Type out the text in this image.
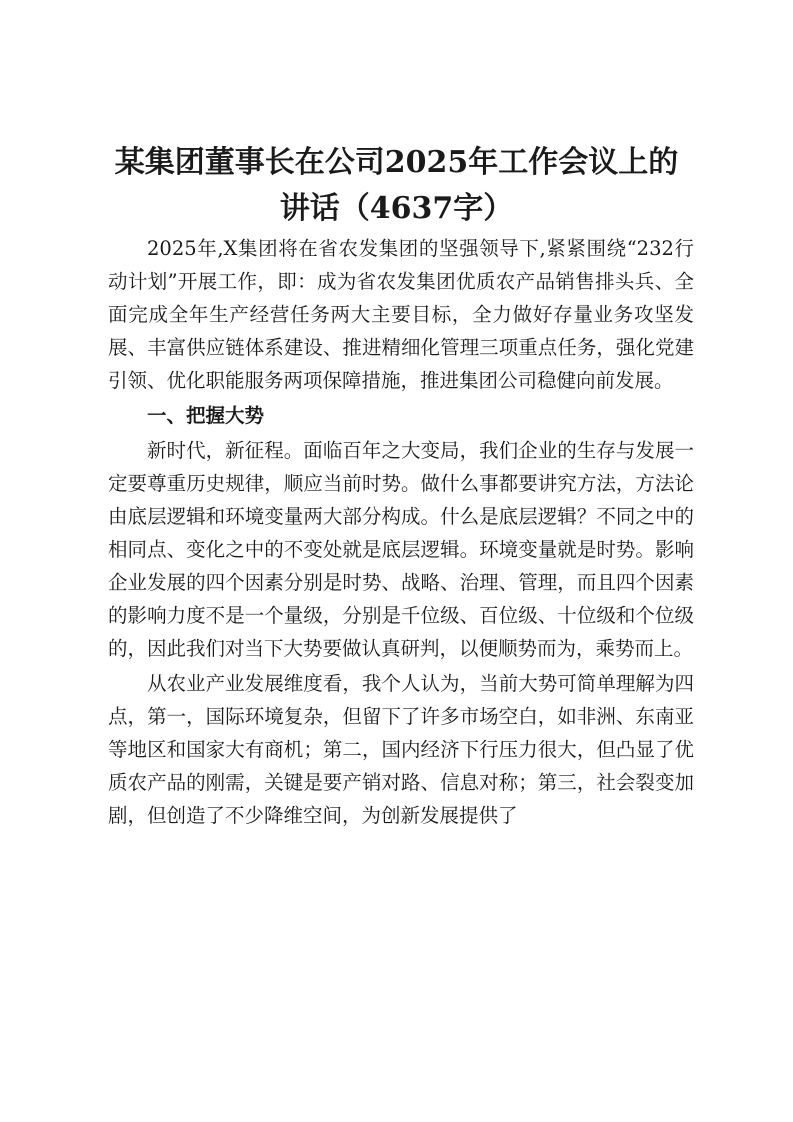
某集团董事长在公司2025年工作会议上的讲话（4637字）

2025年,X集团将在省农发集团的坚强领导下,紧紧围绕“232行动计划”开展工作，即：成为省农发集团优质农产品销售排头兵、全面完成全年生产经营任务两大主要目标，全力做好存量业务攻坚发展、丰富供应链体系建设、推进精细化管理三项重点任务，强化党建引领、优化职能服务两项保障措施，推进集团公司稳健向前发展。

一、把握大势

新时代，新征程。面临百年之大变局，我们企业的生存与发展一定要尊重历史规律，顺应当前时势。做什么事都要讲究方法，方法论由底层逻辑和环境变量两大部分构成。什么是底层逻辑？不同之中的相同点、变化之中的不变处就是底层逻辑。环境变量就是时势。影响企业发展的四个因素分别是时势、战略、治理、管理，而且四个因素的影响力度不是一个量级，分别是千位级、百位级、十位级和个位级的，因此我们对当下大势要做认真研判，以便顺势而为，乘势而上。

从农业产业发展维度看，我个人认为，当前大势可简单理解为四点，第一，国际环境复杂，但留下了许多市场空白，如非洲、东南亚等地区和国家大有商机；第二，国内经济下行压力很大，但凸显了优质农产品的刚需，关键是要产销对路、信息对称；第三，社会裂变加剧，但创造了不少降维空间，为创新发展提供了
